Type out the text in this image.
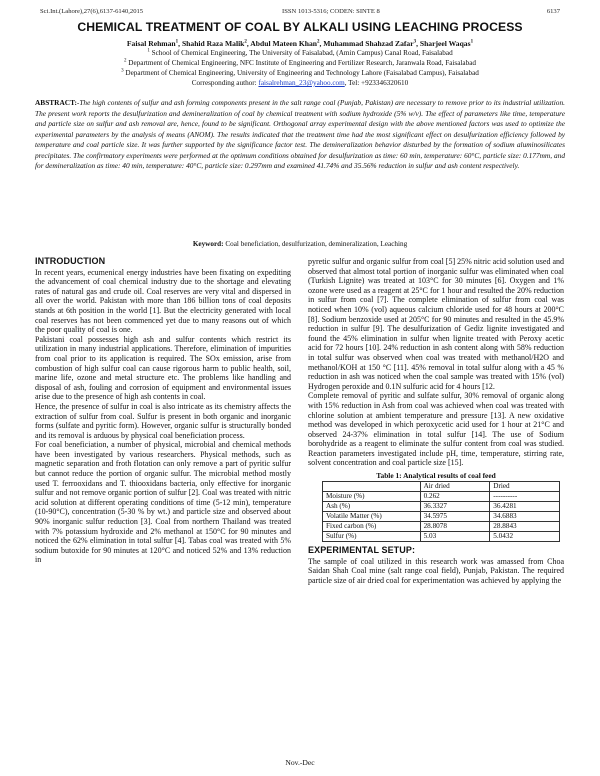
Sci.Int.(Lahore),27(6),6137-6140,2015	ISSN 1013-5316; CODEN: SINTE 8	6137
CHEMICAL TREATMENT OF COAL BY ALKALI USING LEACHING PROCESS
Faisal Rehman$^1$, Shahid Raza Malik$^2$, Abdul Mateen Khan$^2$, Muhammad Shahzad Zafar$^3$, Sharjeel Waqas$^1$
$^1$ School of Chemical Engineering, The University of Faisalabad, (Amin Campus) Canal Road, Faisalabad
$^2$ Department of Chemical Engineering, NFC Institute of Engineering and Fertilizer Research, Jaranwala Road, Faisalabad
$^3$ Department of Chemical Engineering, University of Engineering and Technology Lahore (Faisalabad Campus), Faisalabad
Corresponding author: faisalrehman_23@yahoo.com, Tel: +923346320610
ABSTRACT:-The high contents of sulfur and ash forming components present in the salt range coal (Punjab, Pakistan) are necessary to remove prior to its industrial utilization. The present work reports the desulfurization and demineralization of coal by chemical treatment with sodium hydroxide (5% w/v). The effect of parameters like time, temperature and particle size on sulfur and ash removal are, hence, found to be significant. Orthogonal array experimental design with the above mentioned factors was used to optimize the experimental parameters by the analysis of means (ANOM). The results indicated that the treatment time had the most significant effect on desulfurization efficiency followed by temperature and coal particle size. It was further supported by the significance factor test. The demineralization behavior disturbed by the formation of sodium aluminosilicates precipitates. The confirmatory experiments were performed at the optimum conditions obtained for desulfurization as time: 60 min, temperature: 60°C, particle size: 0.177mm, and for demineralization as time: 40 min, temperature: 40°C, particle size: 0.297mm and examined 41.74% and 35.56% reduction in sulfur and ash content respectively.
Keyword: Coal beneficiation, desulfurization, demineralization, Leaching
INTRODUCTION

In recent years, ecumenical energy industries have been fixating on expediting the advancement of coal chemical industry due to the shortage and elevating rates of natural gas and crude oil. Coal reserves are very vital and dispersed in all over the world. Pakistan with more than 186 billion tons of coal deposits stands at 6th position in the world [1]. But the electricity generated with local coal reserves has not been commenced yet due to many reasons out of which the poor quality of coal is one.

Pakistani coal possesses high ash and sulfur contents which restrict its utilization in many industrial applications. Therefore, elimination of impurities from coal prior to its application is required. The SOx emission, arise from combustion of high sulfur coal can cause rigorous harm to public health, soil, marine life, ozone and metal structure etc. The problems like handling and disposal of ash, fouling and corrosion of equipment and environmental issues arise due to the presence of high ash contents in coal.

Hence, the presence of sulfur in coal is also intricate as its chemistry affects the extraction of sulfur from coal. Sulfur is present in both organic and inorganic forms (sulfate and pyritic form). However, organic sulfur is structurally bonded and its removal is arduous by physical coal beneficiation process.

For coal beneficiation, a number of physical, microbial and chemical methods have been investigated by various researchers. Physical methods, such as magnetic separation and froth flotation can only remove a part of pyritic sulfur but cannot reduce the portion of organic sulfur. The microbial method mostly used T. ferrooxidans and T. thiooxidans bacteria, only effective for inorganic sulfur and not remove organic portion of sulfur [2]. Coal was treated with nitric acid solution at different operating conditions of time (5-12 min), temperature (10-90°C), concentration (5-30 % by wt.) and particle size and observed about 90% inorganic sulfur reduction [3]. Coal from northern Thailand was treated with 7% potassium hydroxide and 2% methanol at 150°C for 90 minutes and noticed the 62% elimination in total sulfur [4]. Tabas coal was treated with 5% sodium butoxide for 90 minutes at 120°C and noticed 52% and 13% reduction in

pyretic sulfur and organic sulfur from coal [5] 25% nitric acid solution used and observed that almost total portion of inorganic sulfur was eliminated when coal (Turkish Lignite) was treated at 103°C for 30 minutes [6]. Oxygen and 1% ozone were used as a reagent at 25°C for 1 hour and resulted the 20% reduction in sulfur from coal [7]. The complete elimination of sulfur from coal was noticed when 10% (vol) aqueous calcium chloride used for 48 hours at 200°C [8]. Sodium benzoxide used at 205°C for 90 minutes and resulted in the 45.9% reduction in sulfur [9]. The desulfurization of Gediz lignite investigated and found the 45% elimination in sulfur when lignite treated with Peroxy acetic acid for 72 hours [10]. 24% reduction in ash content along with 58% reduction in total sulfur was observed when coal was treated with methanol/H2O and methanol/KOH at 150 °C [11]. 45% removal in total sulfur along with a 45 % reduction in ash was noticed when the coal sample was treated with 15% (vol) Hydrogen peroxide and 0.1N sulfuric acid for 4 hours [12.

Complete removal of pyritic and sulfate sulfur, 30% removal of organic along with 15% reduction in Ash from coal was achieved when coal was treated with chlorine solution at ambient temperature and pressure [13]. A new oxidative method was developed in which peroxycetic acid used for 1 hour at 21°C and observed 24-37% elimination in total sulfur [14]. The use of Sodium borohydride as a reagent to eliminate the sulfur content from coal was studied. Reaction parameters investigated include pH, time, temperature, stirring rate, solvent concentration and coal particle size [15].

Table 1: Analytical results of coal feed
	Air dried	Dried
Moisture (%)	0.262	----------
Ash (%)	36.3327	36.4281
Volatile Matter (%)	34.5975	34.6883
Fixed carbon (%)	28.8078	28.8843
Sulfur (%)	5.03	5.0432
EXPERIMENTAL SETUP:

The sample of coal utilized in this research work was amassed from Choa Saidan Shah Coal mine (salt range coal field), Punjab, Pakistan. The required particle size of air dried coal for experimentation was achieved by applying the

Nov.-Dec
